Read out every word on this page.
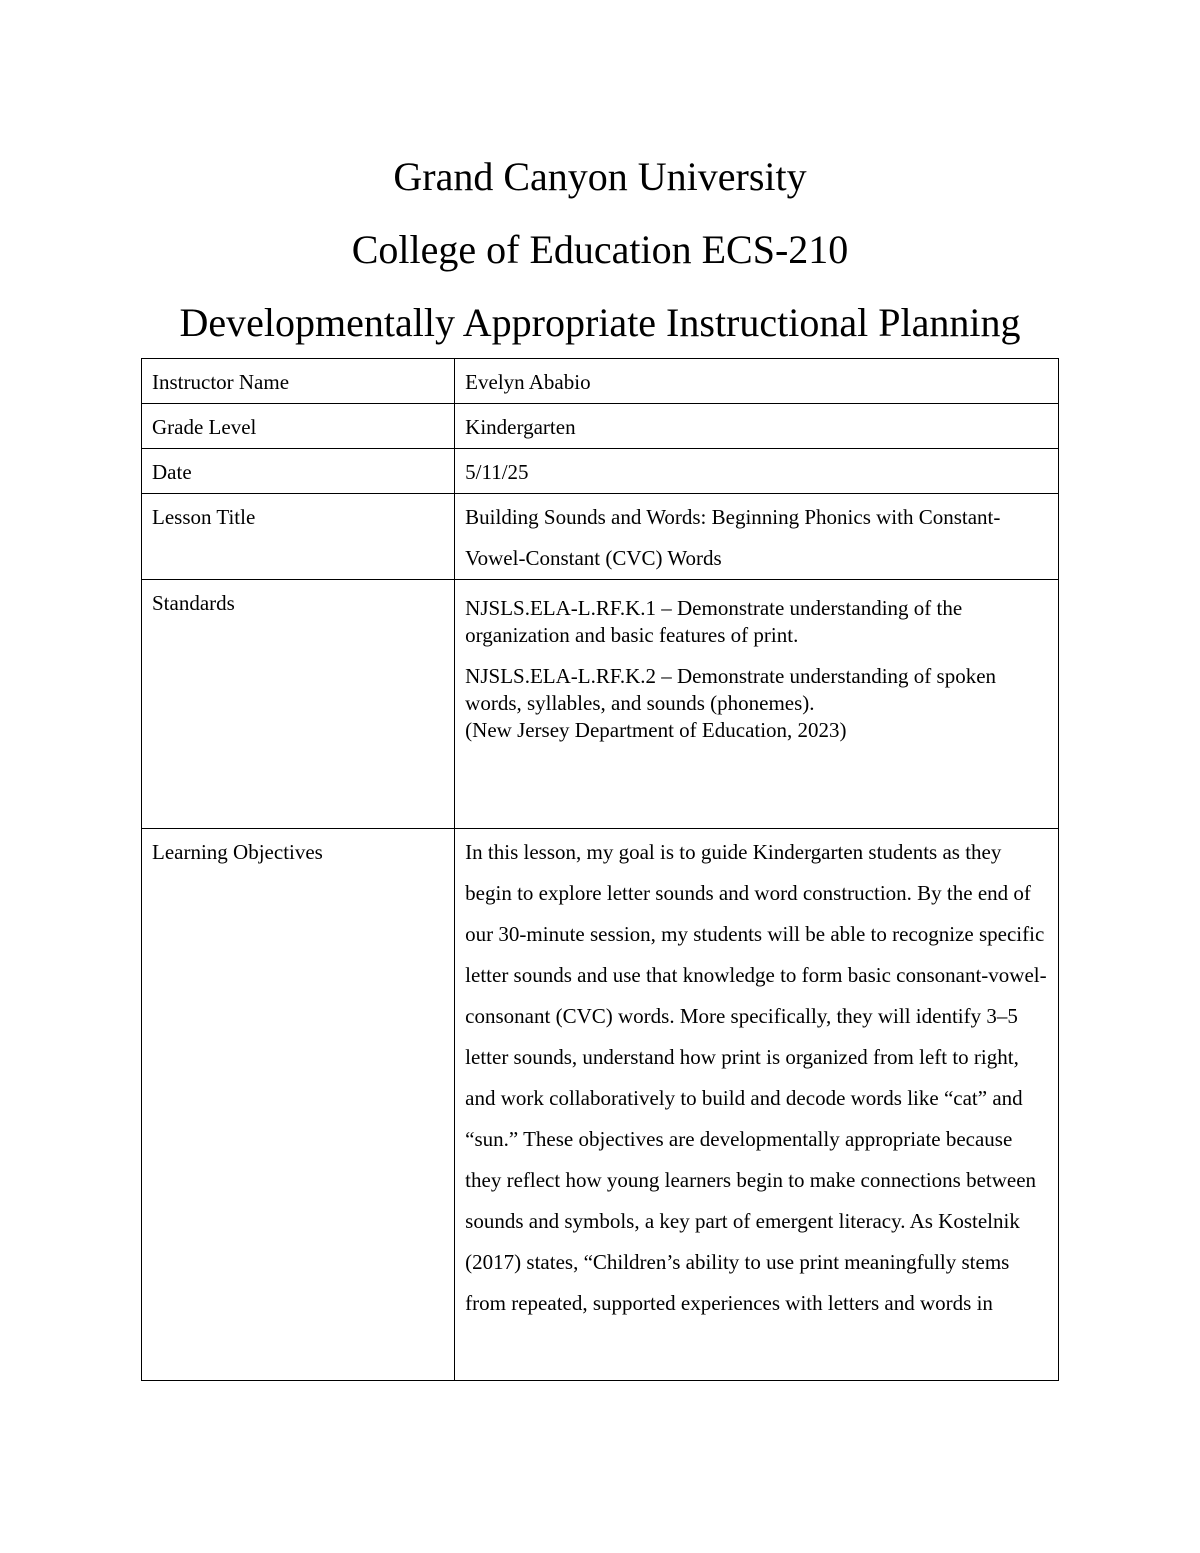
Grand Canyon University
College of Education ECS-210
Developmentally Appropriate Instructional Planning
Instructor Name	Evelyn Ababio
Grade Level	Kindergarten
Date	5/11/25
Lesson Title	Building Sounds and Words: Beginning Phonics with Constant-Vowel-Constant (CVC) Words
Standards	NJSLS.ELA-L.RF.K.1 – Demonstrate understanding of the organization and basic features of print.

NJSLS.ELA-L.RF.K.2 – Demonstrate understanding of spoken words, syllables, and sounds (phonemes).
(New Jersey Department of Education, 2023)

Learning Objectives	In this lesson, my goal is to guide Kindergarten students as they begin to explore letter sounds and word construction. By the end of our 30-minute session, my students will be able to recognize specific letter sounds and use that knowledge to form basic consonant-vowel-consonant (CVC) words. More specifically, they will identify 3–5 letter sounds, understand how print is organized from left to right, and work collaboratively to build and decode words like “cat” and “sun.” These objectives are developmentally appropriate because they reflect how young learners begin to make connections between sounds and symbols, a key part of emergent literacy. As Kostelnik (2017) states, “Children’s ability to use print meaningfully stems from repeated, supported experiences with letters and words in
